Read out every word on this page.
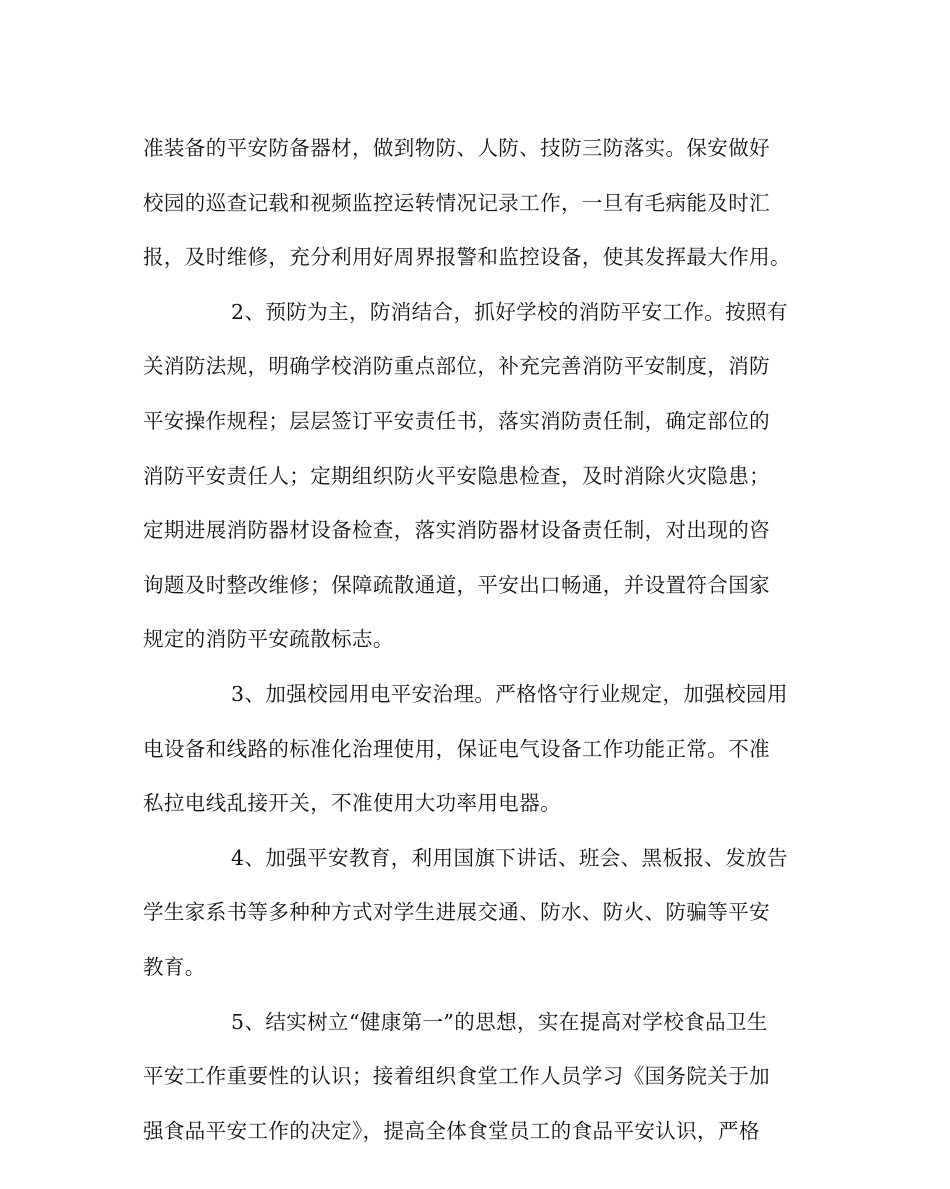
准装备的平安防备器材，做到物防、人防、技防三防落实。保安做好
校园的巡查记载和视频监控运转情况记录工作，一旦有毛病能及时汇
报，及时维修，充分利用好周界报警和监控设备，使其发挥最大作用。
2、预防为主，防消结合，抓好学校的消防平安工作。按照有
关消防法规，明确学校消防重点部位，补充完善消防平安制度，消防
平安操作规程；层层签订平安责任书，落实消防责任制，确定部位的
消防平安责任人；定期组织防火平安隐患检查，及时消除火灾隐患；
定期进展消防器材设备检查，落实消防器材设备责任制，对出现的咨
询题及时整改维修；保障疏散通道，平安出口畅通，并设置符合国家
规定的消防平安疏散标志。
3、加强校园用电平安治理。严格恪守行业规定，加强校园用
电设备和线路的标准化治理使用，保证电气设备工作功能正常。不准
私拉电线乱接开关，不准使用大功率用电器。
4、加强平安教育，利用国旗下讲话、班会、黑板报、发放告
学生家系书等多种种方式对学生进展交通、防水、防火、防骗等平安
教育。
5、结实树立“健康第一”的思想，实在提高对学校食品卫生
平安工作重要性的认识；接着组织食堂工作人员学习《国务院关于加
强食品平安工作的决定》，提高全体食堂员工的食品平安认识，严格
